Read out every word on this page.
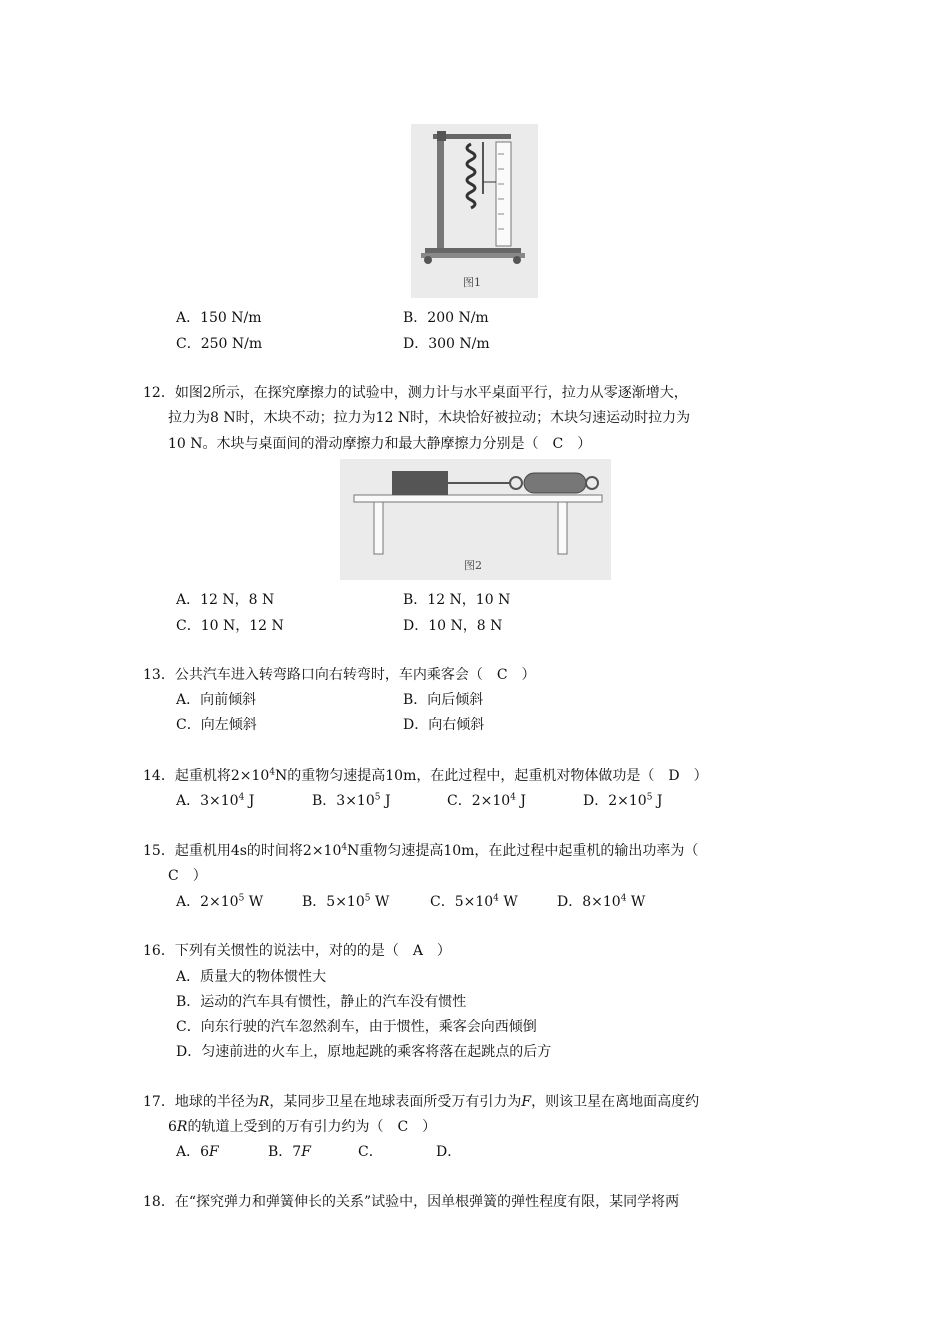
图1
A．150 N/m	B．200 N/m
C．250 N/m	D．300 N/m
12．如图2所示，在探究摩擦力的试验中，测力计与水平桌面平行，拉力从零逐渐增大，
拉力为8 N时，木块不动；拉力为12 N时，木块恰好被拉动；木块匀速运动时拉力为
10 N。木块与桌面间的滑动摩擦力和最大静摩擦力分别是（　C　）
图2
A．12 N，8 N	B．12 N，10 N
C．10 N，12 N	D．10 N，8 N
13．公共汽车进入转弯路口向右转弯时，车内乘客会（　C　）
A．向前倾斜	B．向后倾斜
C．向左倾斜	D．向右倾斜
14．起重机将$2\times 10^4N$的重物匀速提高10m，在此过程中，起重机对物体做功是（　D　）
A．$3\times 10^4$ J	B．$3\times 10^5$ J	C．$2\times 10^4$ J	D．$2\times 10^5$ J
15．起重机用4s的时间将$2\times 10^4N$重物匀速提高10m，在此过程中起重机的输出功率为（
C　）
A．$2\times 10^5$ W	B．$5\times 10^5$ W	C．$5\times 10^4$ W	D．$8\times 10^4$ W
16．下列有关惯性的说法中，对的的是（　A　）
A．质量大的物体惯性大
B．运动的汽车具有惯性，静止的汽车没有惯性
C．向东行驶的汽车忽然刹车，由于惯性，乘客会向西倾倒
D．匀速前进的火车上，原地起跳的乘客将落在起跳点的后方
17．地球的半径为R，某同步卫星在地球表面所受万有引力为F，则该卫星在离地面高度约
6R的轨道上受到的万有引力约为（　C　）
A．6F	B．7F	C．	D．
18．在“探究弹力和弹簧伸长的关系”试验中，因单根弹簧的弹性程度有限，某同学将两
